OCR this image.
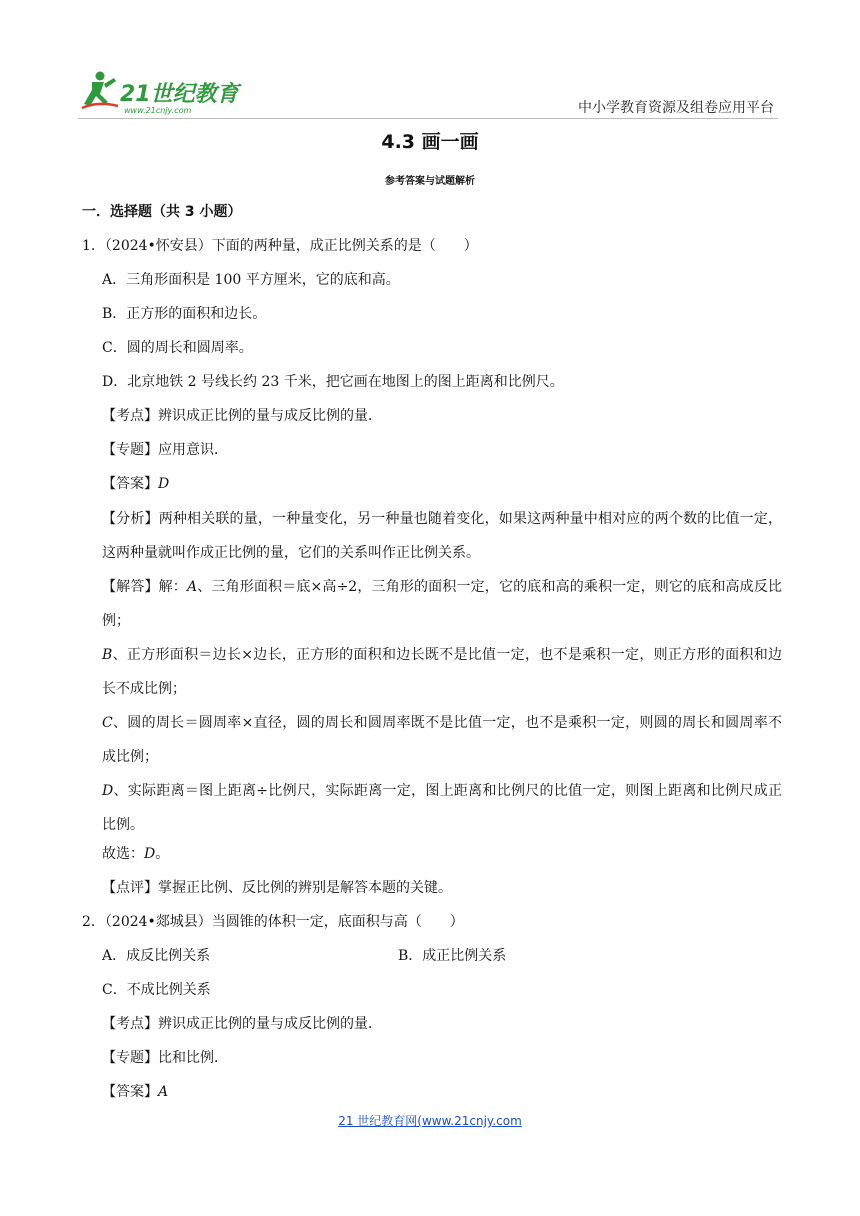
21世纪教育
www.21cnjy.com	中小学教育资源及组卷应用平台
4.3 画一画
参考答案与试题解析
一．选择题（共 3 小题）
1．（2024•怀安县）下面的两种量，成正比例关系的是（　　）
A．三角形面积是 100 平方厘米，它的底和高。
B．正方形的面积和边长。
C．圆的周长和圆周率。
D．北京地铁 2 号线长约 23 千米，把它画在地图上的图上距离和比例尺。
【考点】辨识成正比例的量与成反比例的量．
【专题】应用意识．
【答案】D
【分析】两种相关联的量，一种量变化，另一种量也随着变化，如果这两种量中相对应的两个数的比值一定，这两种量就叫作成正比例的量，它们的关系叫作正比例关系。
【解答】解：A、三角形面积＝底×高÷2，三角形的面积一定，它的底和高的乘积一定，则它的底和高成反比例；
B、正方形面积＝边长×边长，正方形的面积和边长既不是比值一定，也不是乘积一定，则正方形的面积和边长不成比例；
C、圆的周长＝圆周率×直径，圆的周长和圆周率既不是比值一定，也不是乘积一定，则圆的周长和圆周率不成比例；
D、实际距离＝图上距离÷比例尺，实际距离一定，图上距离和比例尺的比值一定，则图上距离和比例尺成正比例。
故选：D。
【点评】掌握正比例、反比例的辨别是解答本题的关键。
2．（2024•郯城县）当圆锥的体积一定，底面积与高（　　）
A．成反比例关系	B．成正比例关系
C．不成比例关系
【考点】辨识成正比例的量与成反比例的量．
【专题】比和比例．
【答案】A
21 世纪教育网(www.21cnjy.com
